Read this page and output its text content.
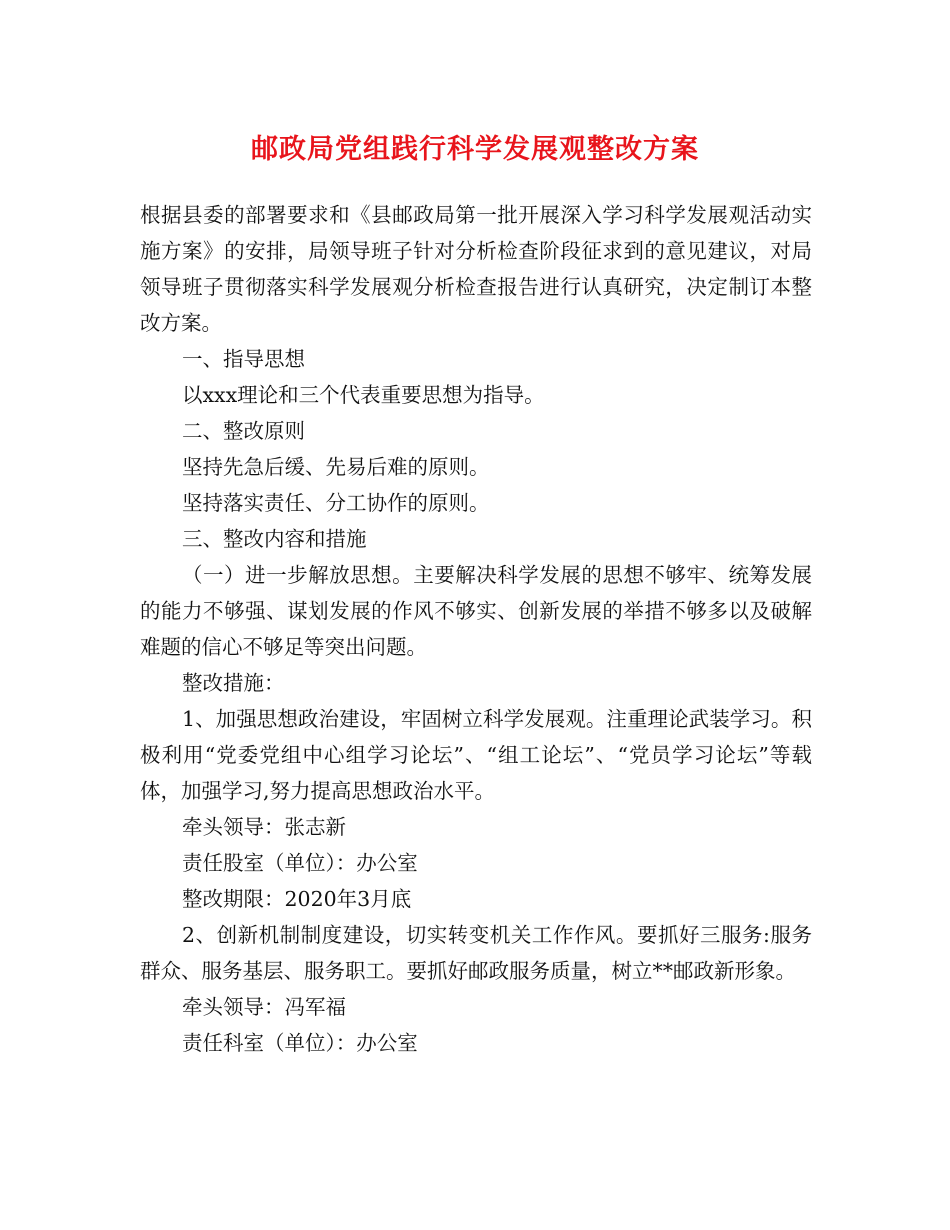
邮政局党组践行科学发展观整改方案

根据县委的部署要求和《县邮政局第一批开展深入学习科学发展观活动实施方案》的安排，局领导班子针对分析检查阶段征求到的意见建议，对局领导班子贯彻落实科学发展观分析检查报告进行认真研究，决定制订本整改方案。

一、指导思想

以xxx理论和三个代表重要思想为指导。

二、整改原则

坚持先急后缓、先易后难的原则。

坚持落实责任、分工协作的原则。

三、整改内容和措施

（一）进一步解放思想。主要解决科学发展的思想不够牢、统筹发展的能力不够强、谋划发展的作风不够实、创新发展的举措不够多以及破解难题的信心不够足等突出问题。

整改措施：

1、加强思想政治建设，牢固树立科学发展观。注重理论武装学习。积极利用“党委党组中心组学习论坛”、“组工论坛”、“党员学习论坛”等载体，加强学习,努力提高思想政治水平。

牵头领导：张志新

责任股室（单位）：办公室

整改期限：2020年3月底

2、创新机制制度建设，切实转变机关工作作风。要抓好三服务:服务群众、服务基层、服务职工。要抓好邮政服务质量，树立**邮政新形象。

牵头领导：冯军福

责任科室（单位）：办公室
